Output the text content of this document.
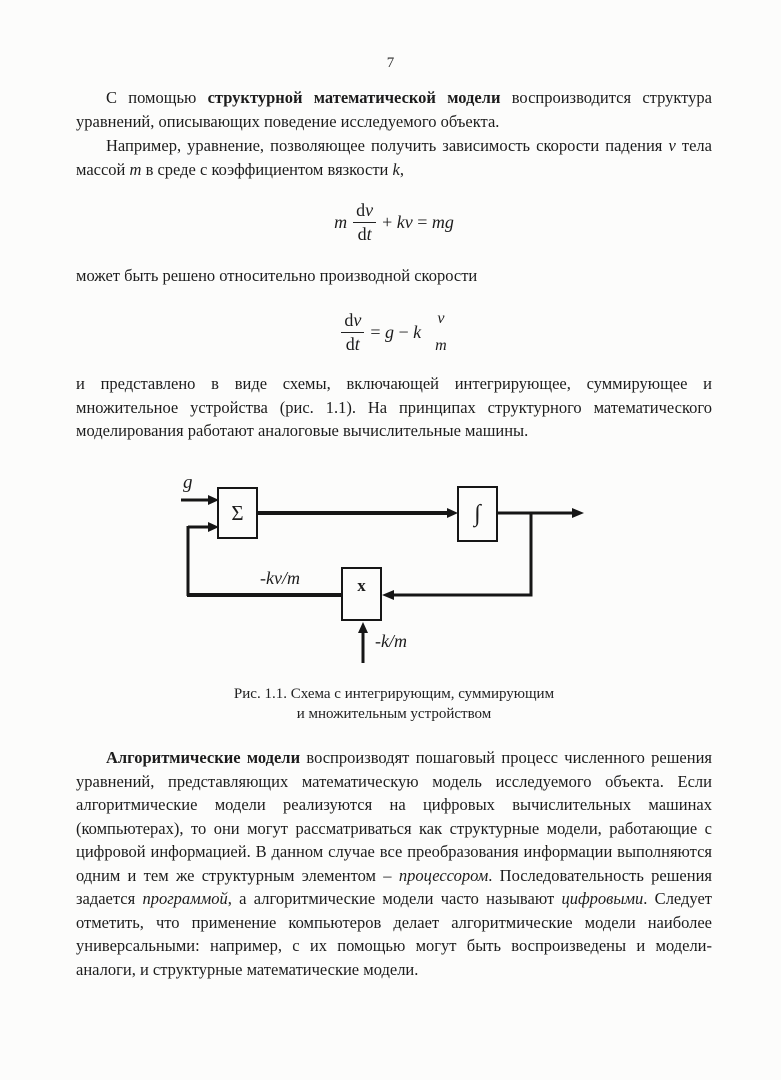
7

С помощью структурной математической модели воспроизводится структура уравнений, описывающих поведение исследуемого объекта.

Например, уравнение, позволяющее получить зависимость скорости падения v тела массой m в среде с коэффициентом вязкости k,

m $\frac{dv}{dt}$ + kv = mg

может быть решено относительно производной скорости

$\frac{dv}{dt} = g - k$
v
m

и представлено в виде схемы, включающей интегрирующее, суммирующее и множительное устройства (рис. 1.1). На принципах структурного математического моделирования работают аналоговые вычислительные машины.

Σ	∫
x
g
-kv/m
-k/m
Рис. 1.1. Схема с интегрирующим, суммирующим
и множительным устройством

Алгоритмические модели воспроизводят пошаговый процесс численного решения уравнений, представляющих математическую модель исследуемого объекта. Если алгоритмические модели реализуются на цифровых вычислительных машинах (компьютерах), то они могут рассматриваться как структурные модели, работающие с цифровой информацией. В данном случае все преобразования информации выполняются одним и тем же структурным элементом – процессором. Последовательность решения задается программой, а алгоритмические модели часто называют цифровыми. Следует отметить, что применение компьютеров делает алгоритмические модели наиболее универсальными: например, с их помощью могут быть воспроизведены и модели-аналоги, и структурные математические модели.
